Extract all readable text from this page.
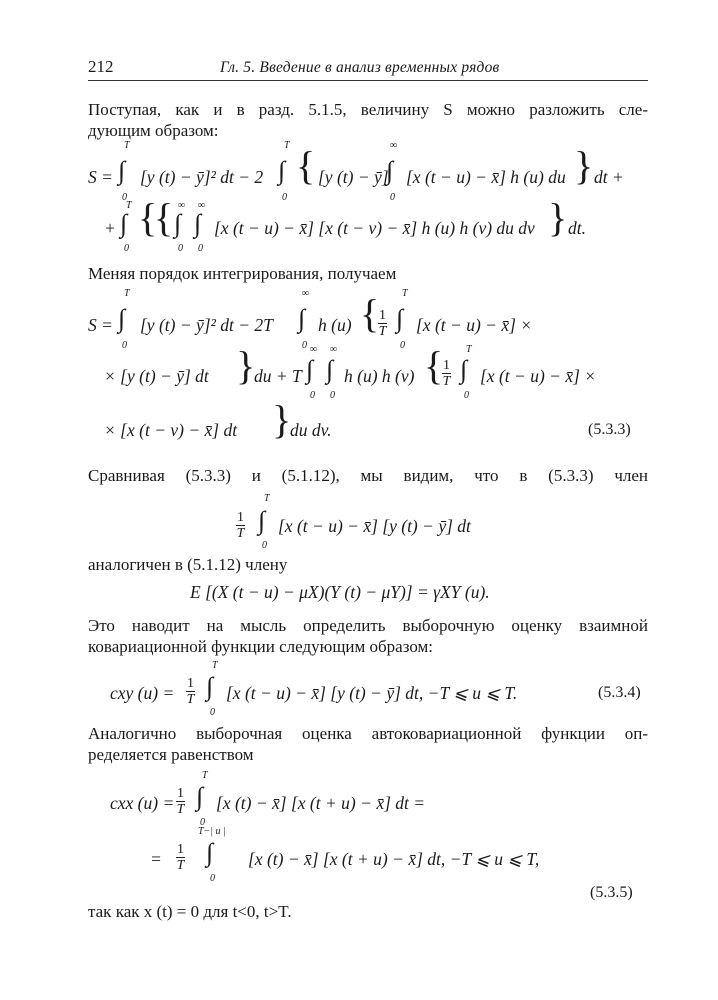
212	Гл. 5. Введение в анализ временных рядов
Поступая, как и в разд. 5.1.5, величину S можно разложить сле-
дующим образом:
S =
T
∫
0
[y (t) − ȳ]² dt − 2
T
∫
0
{ [y (t) − ȳ]
∞
∫
0
[x (t − u) − x̄] h (u) du } dt +
+
T
∫
0
{
{ ∞
∫
0
∞
∫
0
[x (t − u) − x̄] [x (t − v) − x̄] h (u) h (v) du dv } dt.
Меняя порядок интегрирования, получаем
S =
T
∫
0
[y (t) − ȳ]² dt − 2T
∞
∫
0
h (u) {
$\frac{1}{T}$
T
∫
0
[x (t − u) − x̄] ×
× [y (t) − ȳ] dt }
du + T
∞
∫
0
∞
∫
0
h (u) h (v) {
$\frac{1}{T}$
T
∫
0
[x (t − u) − x̄] ×
× [x (t − v) − x̄] dt }
du dv.	(5.3.3)
Сравнивая (5.3.3) и (5.1.12), мы видим, что в (5.3.3) член
$\frac{1}{T}$
T
∫
0
[x (t − u) − x̄] [y (t) − ȳ] dt
аналогичен в (5.1.12) члену
E [(X (t − u) − μX)(Y (t) − μY)] = γXY (u).
Это наводит на мысль определить выборочную оценку взаимной
ковариационной функции следующим образом:
cxy $(u) = \frac{1}{T}$
T
∫
0
[x (t − u) − x̄] [y (t) − ȳ] dt, −T ⩽ u ⩽ T.	(5.3.4)
Аналогично выборочная оценка автоковариационной функции оп-
ределяется равенством
cxx $(u) = \frac{1}{T}$
T
∫
0
[x (t) − x̄] [x (t + u) − x̄] dt =
= $\frac{1}{T}$
T−| u |
∫
0
[x (t) − x̄] [x (t + u) − x̄] dt, −T ⩽ u ⩽ T,
(5.3.5)
так как x (t) = 0 для t<0, t>T.
